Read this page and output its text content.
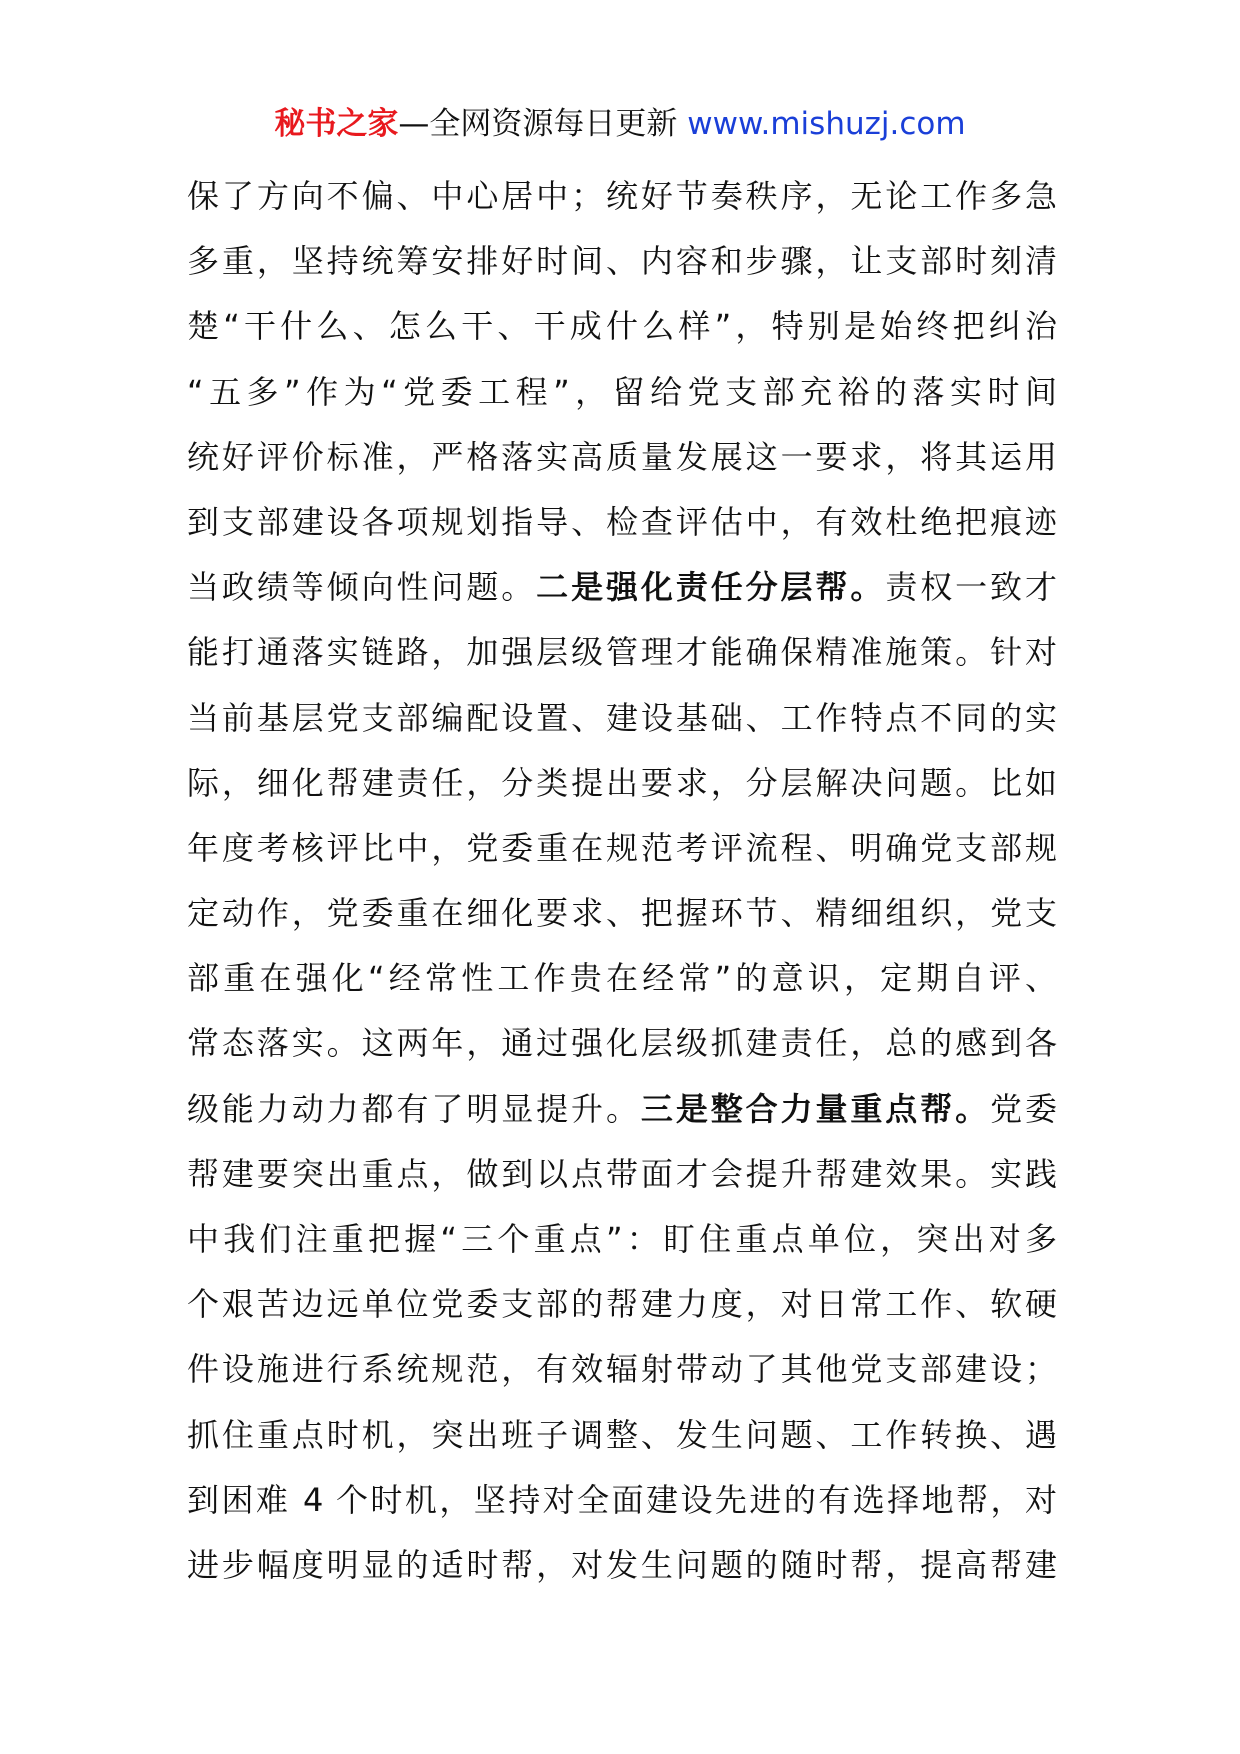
秘书之家—全网资源每日更新 www.mishuzj.com
保了方向不偏、中心居中；统好节奏秩序，无论工作多急
多重，坚持统筹安排好时间、内容和步骤，让支部时刻清
楚“干什么、怎么干、干成什么样”，特别是始终把纠治
“五多”作为“党委工程”，留给党支部充裕的落实时间
统好评价标准，严格落实高质量发展这一要求，将其运用
到支部建设各项规划指导、检查评估中，有效杜绝把痕迹
当政绩等倾向性问题。二是强化责任分层帮。责权一致才
能打通落实链路，加强层级管理才能确保精准施策。针对
当前基层党支部编配设置、建设基础、工作特点不同的实
际，细化帮建责任，分类提出要求，分层解决问题。比如
年度考核评比中，党委重在规范考评流程、明确党支部规
定动作，党委重在细化要求、把握环节、精细组织，党支
部重在强化“经常性工作贵在经常”的意识，定期自评、
常态落实。这两年，通过强化层级抓建责任，总的感到各
级能力动力都有了明显提升。三是整合力量重点帮。党委
帮建要突出重点，做到以点带面才会提升帮建效果。实践
中我们注重把握“三个重点”：盯住重点单位，突出对多
个艰苦边远单位党委支部的帮建力度，对日常工作、软硬
件设施进行系统规范，有效辐射带动了其他党支部建设；
抓住重点时机，突出班子调整、发生问题、工作转换、遇
到困难 4 个时机，坚持对全面建设先进的有选择地帮，对
进步幅度明显的适时帮，对发生问题的随时帮，提高帮建
